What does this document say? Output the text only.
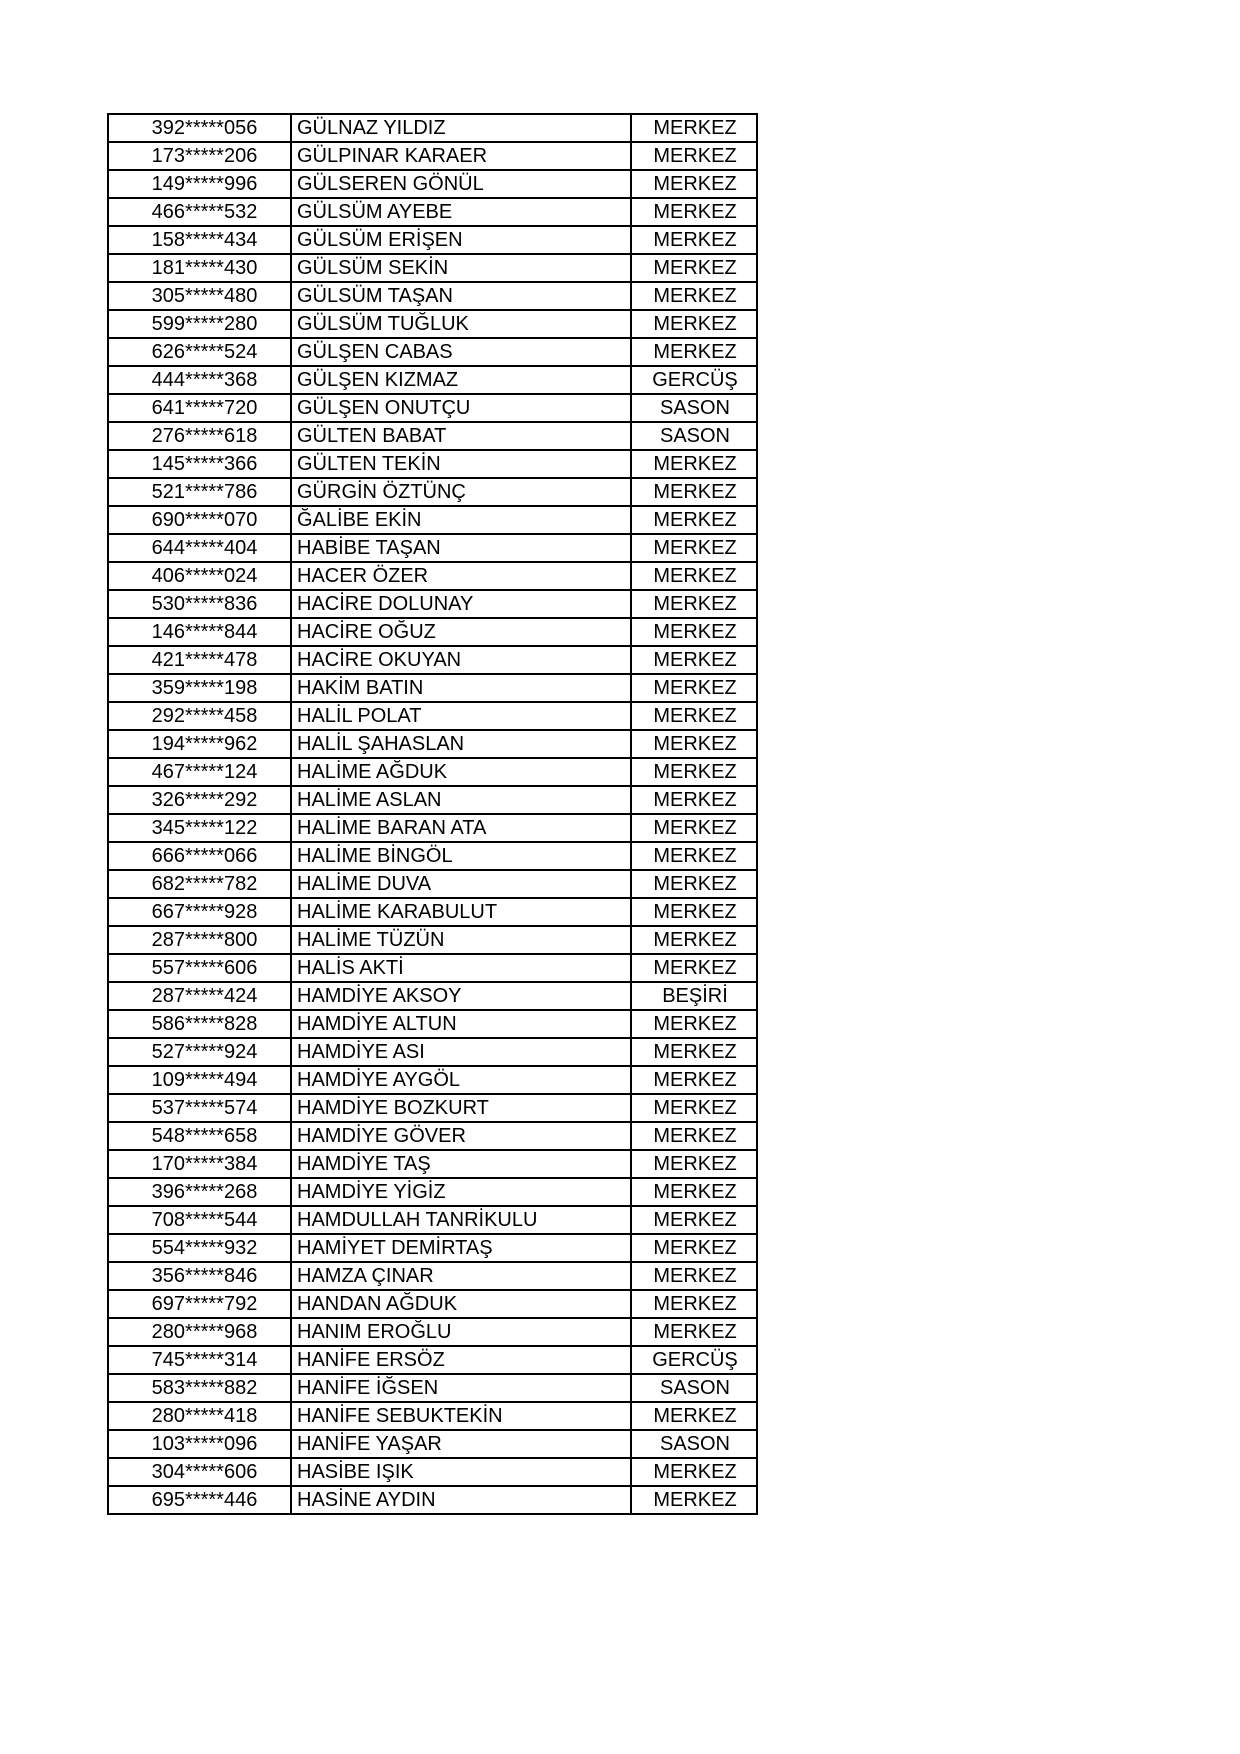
392*****056	GÜLNAZ YILDIZ	MERKEZ
173*****206	GÜLPINAR KARAER	MERKEZ
149*****996	GÜLSEREN GÖNÜL	MERKEZ
466*****532	GÜLSÜM AYEBE	MERKEZ
158*****434	GÜLSÜM ERİŞEN	MERKEZ
181*****430	GÜLSÜM SEKİN	MERKEZ
305*****480	GÜLSÜM TAŞAN	MERKEZ
599*****280	GÜLSÜM TUĞLUK	MERKEZ
626*****524	GÜLŞEN CABAS	MERKEZ
444*****368	GÜLŞEN KIZMAZ	GERCÜŞ
641*****720	GÜLŞEN ONUTÇU	SASON
276*****618	GÜLTEN BABAT	SASON
145*****366	GÜLTEN TEKİN	MERKEZ
521*****786	GÜRGİN ÖZTÜNÇ	MERKEZ
690*****070	ĞALİBE EKİN	MERKEZ
644*****404	HABİBE TAŞAN	MERKEZ
406*****024	HACER ÖZER	MERKEZ
530*****836	HACİRE DOLUNAY	MERKEZ
146*****844	HACİRE OĞUZ	MERKEZ
421*****478	HACİRE OKUYAN	MERKEZ
359*****198	HAKİM BATIN	MERKEZ
292*****458	HALİL POLAT	MERKEZ
194*****962	HALİL ŞAHASLAN	MERKEZ
467*****124	HALİME AĞDUK	MERKEZ
326*****292	HALİME ASLAN	MERKEZ
345*****122	HALİME BARAN ATA	MERKEZ
666*****066	HALİME BİNGÖL	MERKEZ
682*****782	HALİME DUVA	MERKEZ
667*****928	HALİME KARABULUT	MERKEZ
287*****800	HALİME TÜZÜN	MERKEZ
557*****606	HALİS AKTİ	MERKEZ
287*****424	HAMDİYE AKSOY	BEŞİRİ
586*****828	HAMDİYE ALTUN	MERKEZ
527*****924	HAMDİYE ASI	MERKEZ
109*****494	HAMDİYE AYGÖL	MERKEZ
537*****574	HAMDİYE BOZKURT	MERKEZ
548*****658	HAMDİYE GÖVER	MERKEZ
170*****384	HAMDİYE TAŞ	MERKEZ
396*****268	HAMDİYE YİGİZ	MERKEZ
708*****544	HAMDULLAH TANRİKULU	MERKEZ
554*****932	HAMİYET DEMİRTAŞ	MERKEZ
356*****846	HAMZA ÇINAR	MERKEZ
697*****792	HANDAN AĞDUK	MERKEZ
280*****968	HANIM EROĞLU	MERKEZ
745*****314	HANİFE ERSÖZ	GERCÜŞ
583*****882	HANİFE İĞSEN	SASON
280*****418	HANİFE SEBUKTEKİN	MERKEZ
103*****096	HANİFE YAŞAR	SASON
304*****606	HASİBE IŞIK	MERKEZ
695*****446	HASİNE AYDIN	MERKEZ
